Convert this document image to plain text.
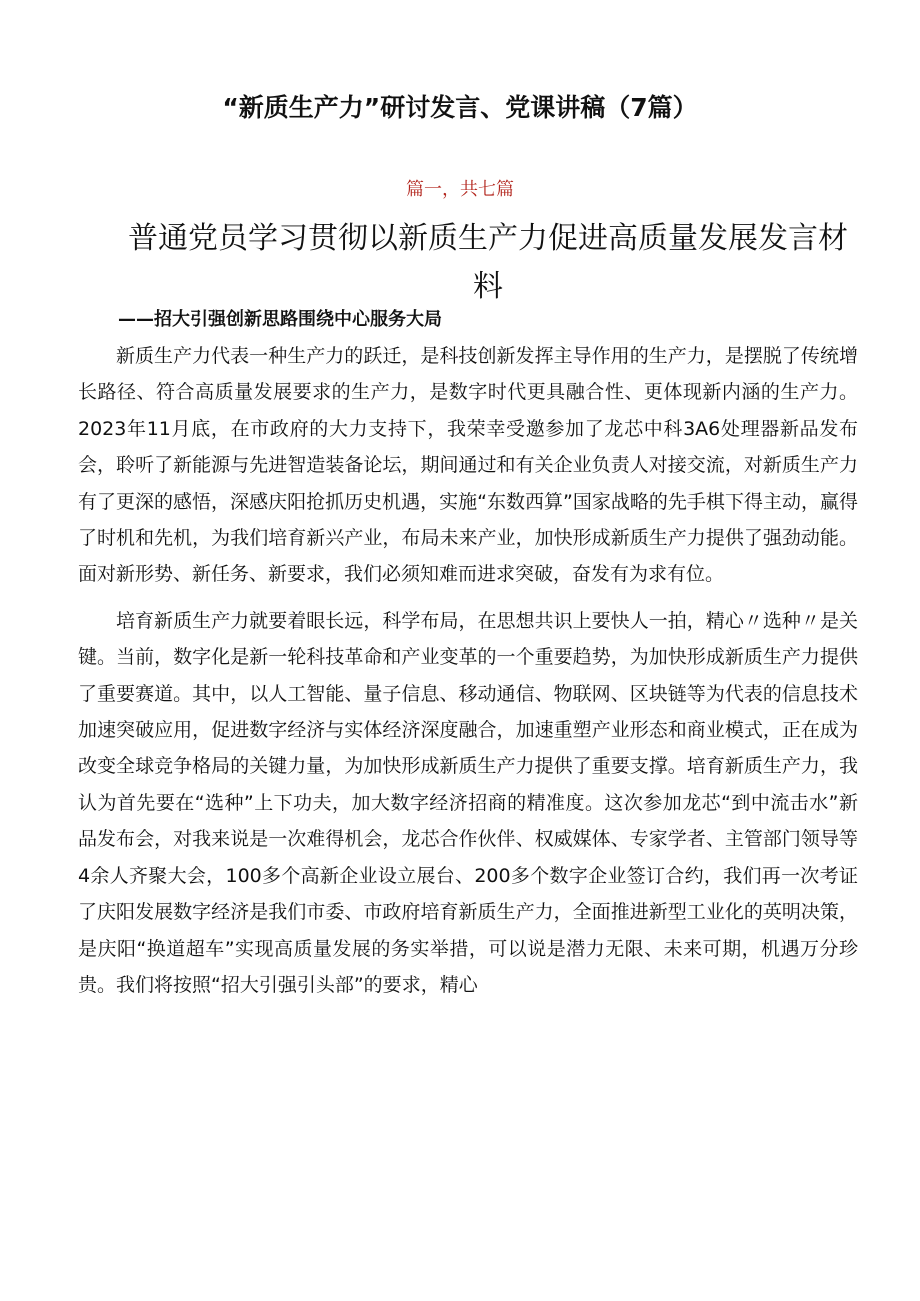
“新质生产力”研讨发言、党课讲稿（7篇）
篇一，共七篇
普通党员学习贯彻以新质生产力促进高质量发展发言材料
——招大引强创新思路围绕中心服务大局

新质生产力代表一种生产力的跃迁，是科技创新发挥主导作用的生产力，是摆脱了传统增长路径、符合高质量发展要求的生产力，是数字时代更具融合性、更体现新内涵的生产力。2023年11月底，在市政府的大力支持下，我荣幸受邀参加了龙芯中科3A6处理器新品发布会，聆听了新能源与先进智造装备论坛，期间通过和有关企业负责人对接交流，对新质生产力有了更深的感悟，深感庆阳抢抓历史机遇，实施“东数西算”国家战略的先手棋下得主动，赢得了时机和先机，为我们培育新兴产业，布局未来产业，加快形成新质生产力提供了强劲动能。面对新形势、新任务、新要求，我们必须知难而进求突破，奋发有为求有位。

培育新质生产力就要着眼长远，科学布局，在思想共识上要快人一拍，精心〃选种〃是关键。当前，数字化是新一轮科技革命和产业变革的一个重要趋势，为加快形成新质生产力提供了重要赛道。其中，以人工智能、量子信息、移动通信、物联网、区块链等为代表的信息技术加速突破应用，促进数字经济与实体经济深度融合，加速重塑产业形态和商业模式，正在成为改变全球竞争格局的关键力量，为加快形成新质生产力提供了重要支撑。培育新质生产力，我认为首先要在“选种”上下功夫，加大数字经济招商的精准度。这次参加龙芯“到中流击水”新品发布会，对我来说是一次难得机会，龙芯合作伙伴、权威媒体、专家学者、主管部门领导等4余人齐聚大会，100多个高新企业设立展台、200多个数字企业签订合约，我们再一次考证了庆阳发展数字经济是我们市委、市政府培育新质生产力，全面推进新型工业化的英明决策，是庆阳“换道超车”实现高质量发展的务实举措，可以说是潜力无限、未来可期，机遇万分珍贵。我们将按照“招大引强引头部”的要求，精心
